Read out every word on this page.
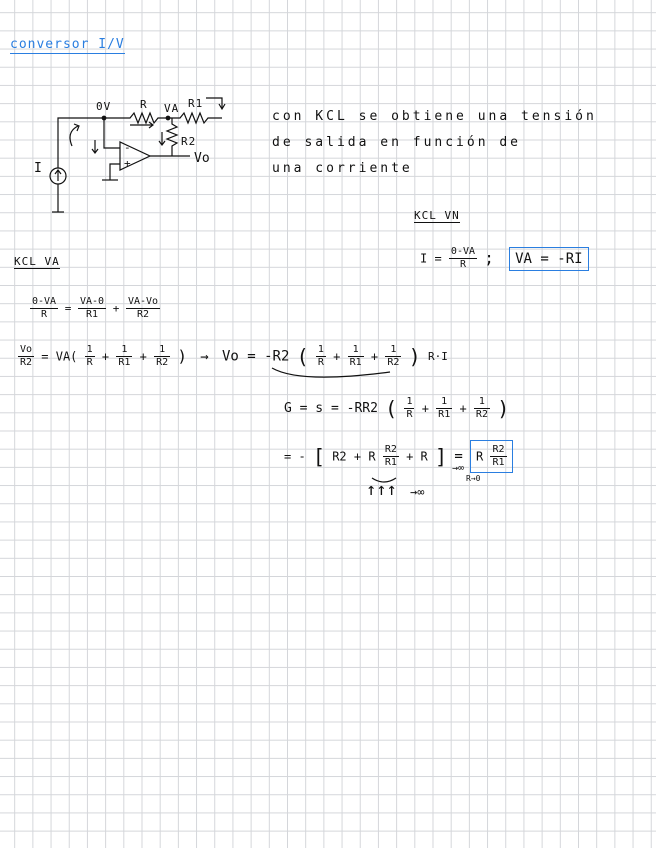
conversor I/V
0V	R VA R1
R2
Vo
I
-
+
con KCL se obtiene una tensión
de salida en función de
una corriente
KCL VN
$I = \frac{0-VA}{R}$ ; VA = -RI
KCL VA
$\frac{0-VA}{R} = \frac{VA-0}{R1} + \frac{VA-Vo}{R2}$
$\frac{Vo}{R2} = VA( \frac{1}{R} + \frac{1}{R1} + \frac{1}{R2}$ ) → Vo = -R2 ( $\frac{1}{R} + \frac{1}{R1} + \frac{1}{R2}$ ) R·I
G = s = -RR2 ( $\frac{1}{R} + \frac{1}{R1} + \frac{1}{R2}$ )
= - [ R2 + R $\frac{R2}{R1} + R$ ] = R $\frac{R2}{R1}$
→∞
R→0
↑↑↑ →∞
